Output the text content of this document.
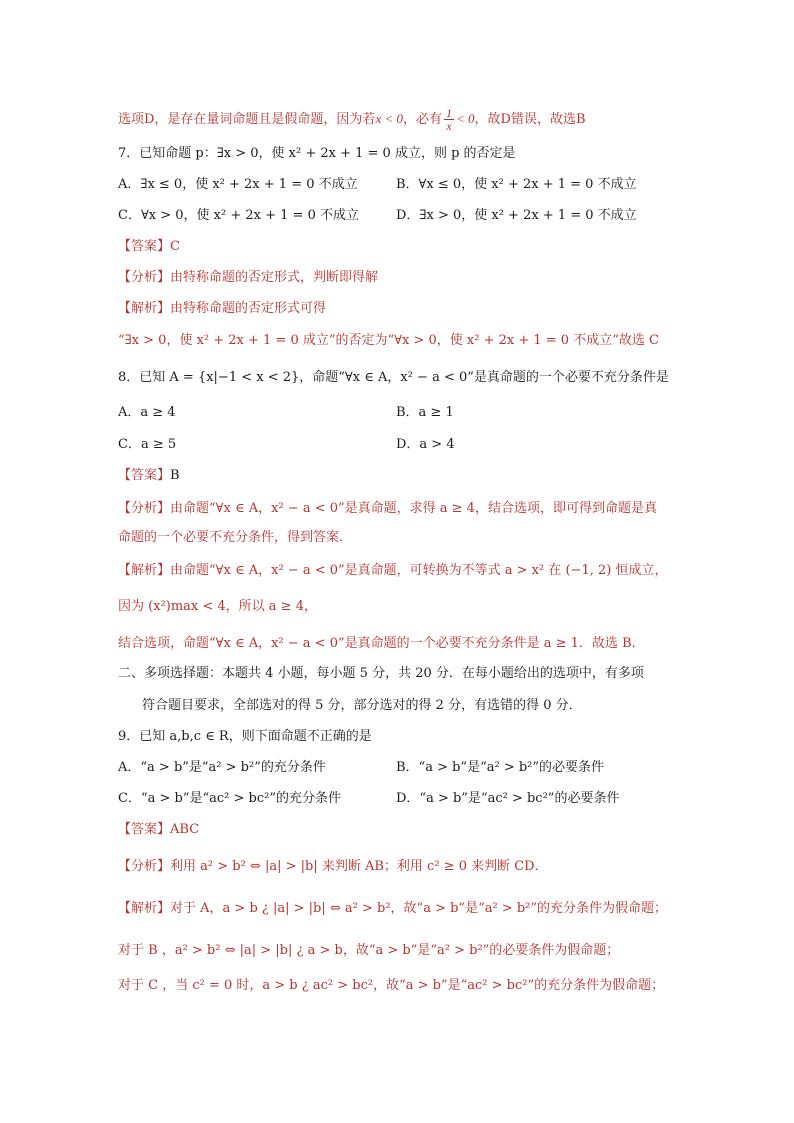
选项D，是存在量词命题且是假命题，因为若x < 0，必有 $\frac{1}{x} < 0$，故D错误，故选B
7．已知命题 p：∃x > 0，使 x² + 2x + 1 = 0 成立，则 p 的否定是
A．∃x ≤ 0，使 x² + 2x + 1 = 0 不成立	B．∀x ≤ 0，使 x² + 2x + 1 = 0 不成立
C．∀x > 0，使 x² + 2x + 1 = 0 不成立	D．∃x > 0，使 x² + 2x + 1 = 0 不成立
【答案】C
【分析】由特称命题的否定形式，判断即得解
【解析】由特称命题的否定形式可得
“∃x > 0，使 x² + 2x + 1 = 0 成立”的否定为“∀x > 0，使 x² + 2x + 1 = 0 不成立”故选 C
8．已知 A = {x|−1 < x < 2}，命题“∀x ∈ A，x² − a < 0”是真命题的一个必要不充分条件是
A．a ≥ 4	B．a ≥ 1
C．a ≥ 5	D．a > 4
【答案】B
【分析】由命题“∀x ∈ A，x² − a < 0”是真命题，求得 a ≥ 4，结合选项，即可得到命题是真
命题的一个必要不充分条件，得到答案．
【解析】由命题“∀x ∈ A，x² − a < 0”是真命题，可转换为不等式 a > x² 在 (−1, 2) 恒成立，
因为 (x²)max < 4，所以 a ≥ 4，
结合选项，命题“∀x ∈ A，x² − a < 0”是真命题的一个必要不充分条件是 a ≥ 1．故选 B．
二、多项选择题：本题共 4 小题，每小题 5 分，共 20 分．在每小题给出的选项中，有多项
符合题目要求，全部选对的得 5 分，部分选对的得 2 分，有选错的得 0 分．
9．已知 a,b,c ∈ R，则下面命题不正确的是
A．“a > b”是“a² > b²”的充分条件	B．“a > b”是“a² > b²”的必要条件
C．“a > b”是“ac² > bc²”的充分条件	D．“a > b”是“ac² > bc²”的必要条件
【答案】ABC
【分析】利用 a² > b² ⇔ |a| > |b| 来判断 AB；利用 c² ≥ 0 来判断 CD．
【解析】对于 A，a > b ¿ |a| > |b| ⇔ a² > b²，故“a > b”是“a² > b²”的充分条件为假命题；
对于 B ，a² > b² ⇔ |a| > |b| ¿ a > b，故“a > b”是“a² > b²”的必要条件为假命题；
对于 C ，当 c² = 0 时，a > b ¿ ac² > bc²，故“a > b”是“ac² > bc²”的充分条件为假命题；
